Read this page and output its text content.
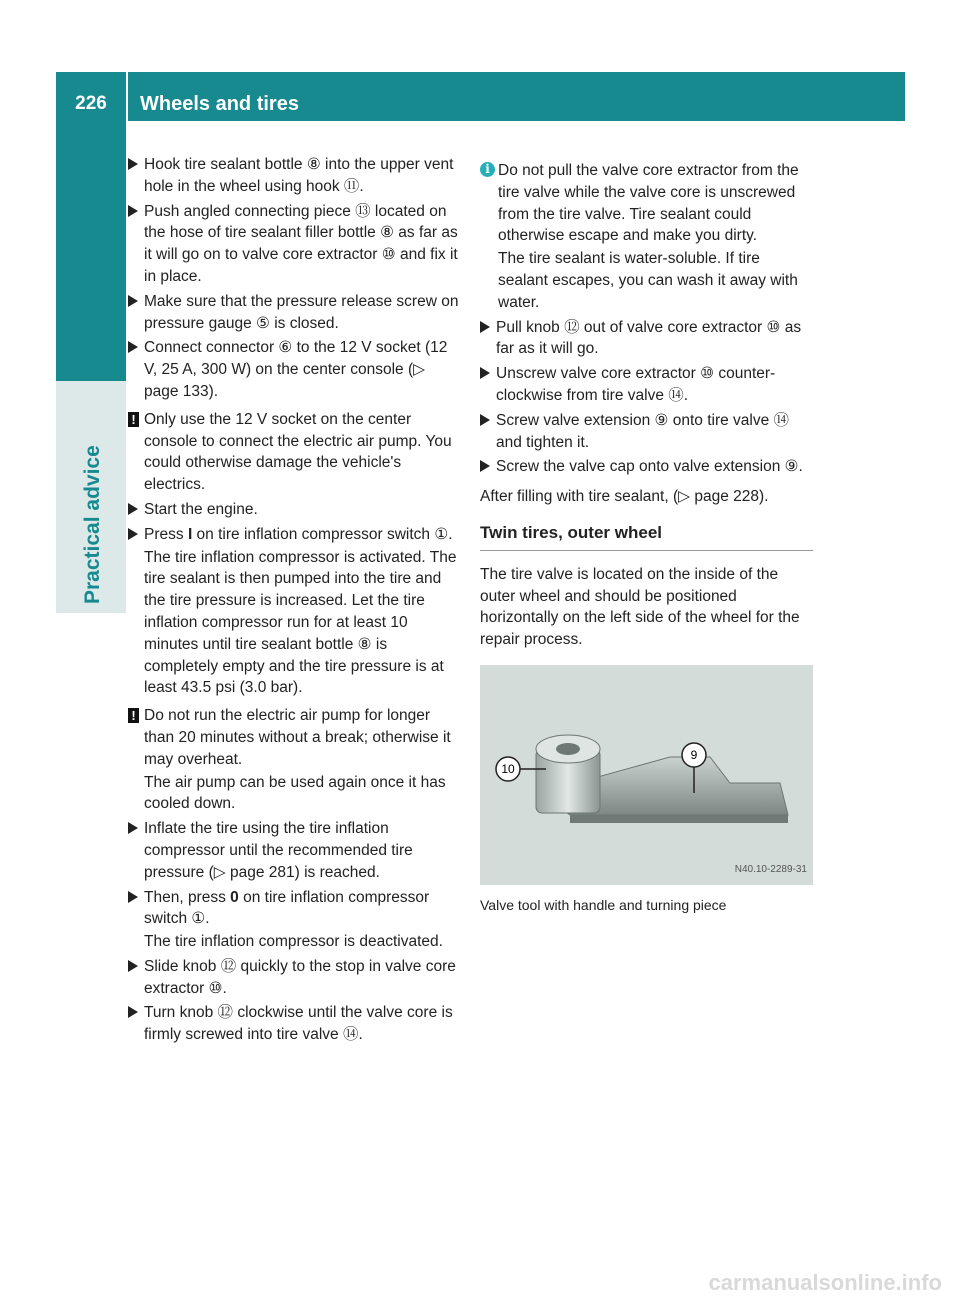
226	Wheels and tires
Practical advice
Hook tire sealant bottle ⑧ into the upper vent hole in the wheel using hook ⑪.
Push angled connecting piece ⑬ located on the hose of tire sealant filler bottle ⑧ as far as it will go on to valve core extractor ⑩ and fix it in place.
Make sure that the pressure release screw on pressure gauge ⑤ is closed.
Connect connector ⑥ to the 12 V socket (12 V, 25 A, 300 W) on the center console (▷ page 133).
! Only use the 12 V socket on the center console to connect the electric air pump. You could otherwise damage the vehicle's electrics.
Start the engine.
Press I on tire inflation compressor switch ①.
The tire inflation compressor is activated. The tire sealant is then pumped into the tire and the tire pressure is increased. Let the tire inflation compressor run for at least 10 minutes until tire sealant bottle ⑧ is completely empty and the tire pressure is at least 43.5 psi (3.0 bar).
! Do not run the electric air pump for longer than 20 minutes without a break; otherwise it may overheat.
The air pump can be used again once it has cooled down.
Inflate the tire using the tire inflation compressor until the recommended tire pressure (▷ page 281) is reached.
Then, press 0 on tire inflation compressor switch ①.
The tire inflation compressor is deactivated.
Slide knob ⑫ quickly to the stop in valve core extractor ⑩.
Turn knob ⑫ clockwise until the valve core is firmly screwed into tire valve ⑭.
i Do not pull the valve core extractor from the tire valve while the valve core is unscrewed from the tire valve. Tire sealant could otherwise escape and make you dirty.
The tire sealant is water-soluble. If tire sealant escapes, you can wash it away with water.
Pull knob ⑫ out of valve core extractor ⑩ as far as it will go.
Unscrew valve core extractor ⑩ counter-clockwise from tire valve ⑭.
Screw valve extension ⑨ onto tire valve ⑭ and tighten it.
Screw the valve cap onto valve extension ⑨.
After filling with tire sealant, (▷ page 228).
Twin tires, outer wheel
The tire valve is located on the inside of the outer wheel and should be positioned horizontally on the left side of the wheel for the repair process.
10
9
N40.10-2289-31
Valve tool with handle and turning piece
carmanualsonline.info
